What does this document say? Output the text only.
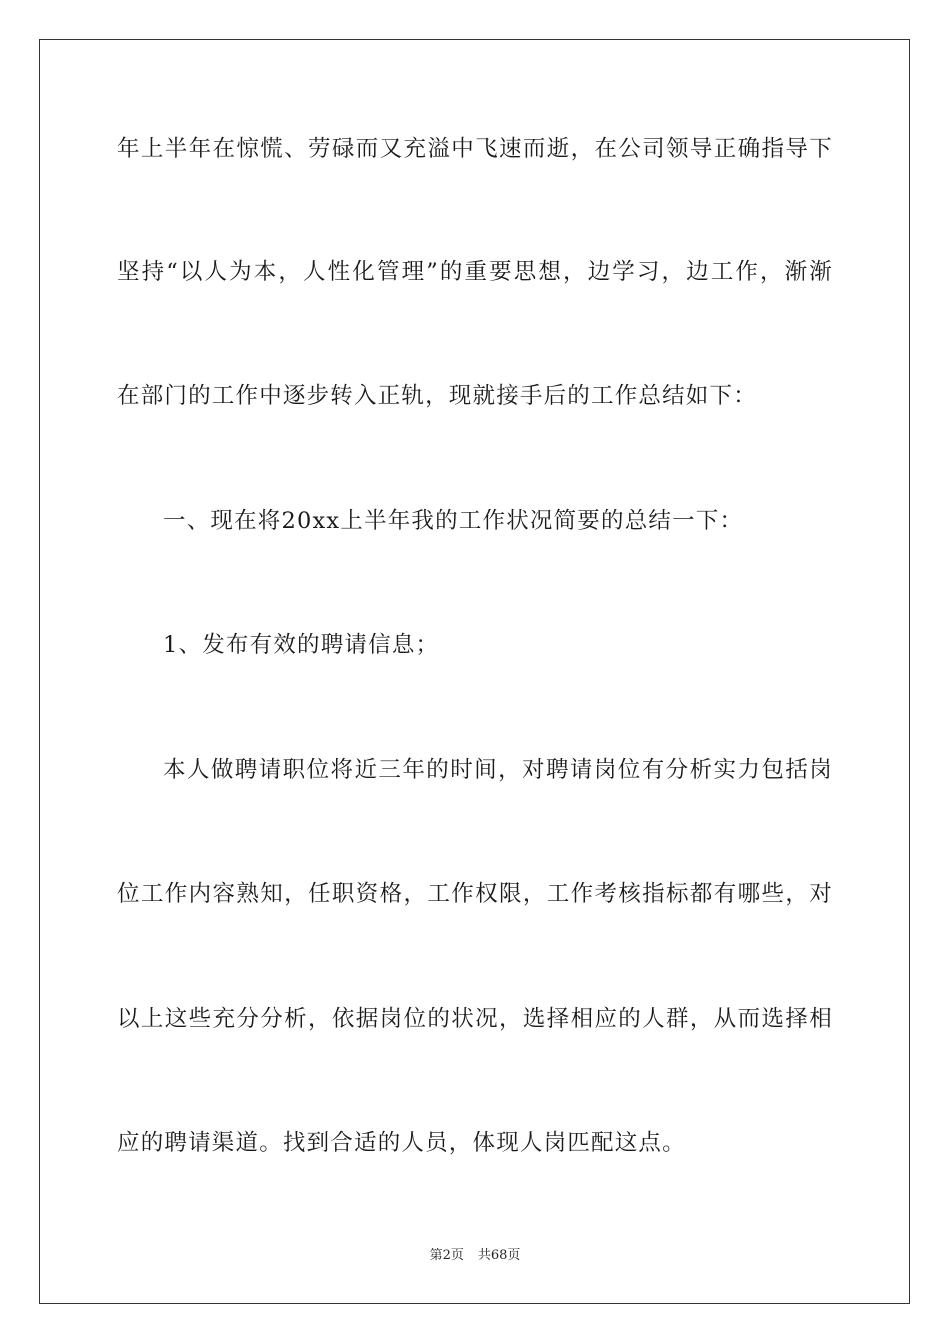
年上半年在惊慌、劳碌而又充溢中飞速而逝，在公司领导正确指导下
坚持“以人为本，人性化管理”的重要思想，边学习，边工作，渐渐
在部门的工作中逐步转入正轨，现就接手后的工作总结如下：
一、现在将20xx上半年我的工作状况简要的总结一下：
1、发布有效的聘请信息；
本人做聘请职位将近三年的时间，对聘请岗位有分析实力包括岗
位工作内容熟知，任职资格，工作权限，工作考核指标都有哪些，对
以上这些充分分析，依据岗位的状况，选择相应的人群，从而选择相
应的聘请渠道。找到合适的人员，体现人岗匹配这点。
第2页 共68页
